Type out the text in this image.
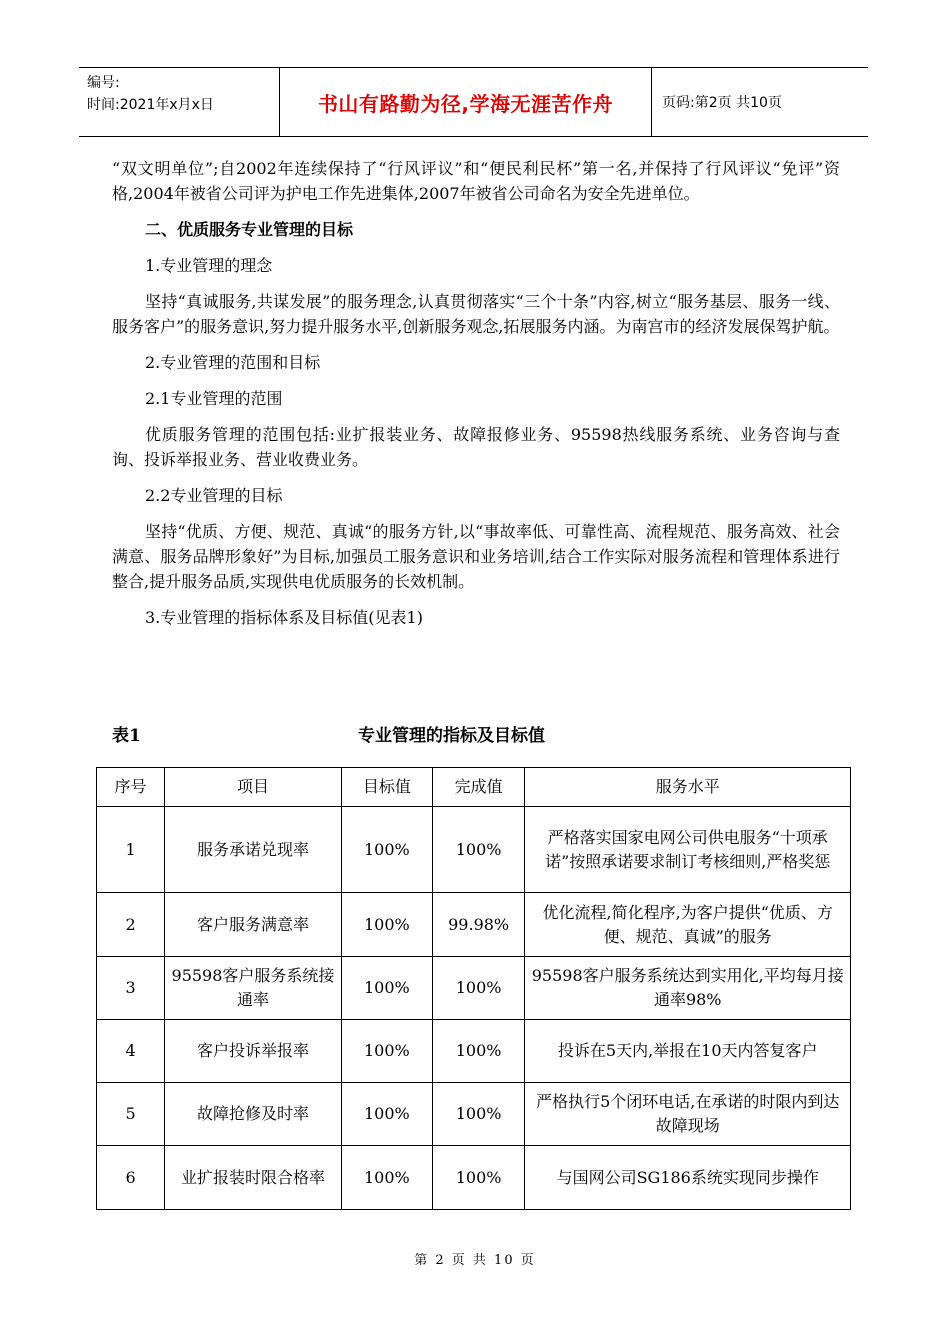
编号:
时间:2021年x月x日	书山有路勤为径,学海无涯苦作舟	页码:第2页 共10页

“双文明单位”;自2002年连续保持了“行风评议”和“便民利民杯”第一名,并保持了行风评议“免评”资格,2004年被省公司评为护电工作先进集体,2007年被省公司命名为安全先进单位。

二、优质服务专业管理的目标

1.专业管理的理念

坚持“真诚服务,共谋发展”的服务理念,认真贯彻落实“三个十条”内容,树立“服务基层、服务一线、服务客户”的服务意识,努力提升服务水平,创新服务观念,拓展服务内涵。为南宫市的经济发展保驾护航。

2.专业管理的范围和目标

2.1专业管理的范围

优质服务管理的范围包括:业扩报装业务、故障报修业务、95598热线服务系统、业务咨询与查询、投诉举报业务、营业收费业务。

2.2专业管理的目标

坚持“优质、方便、规范、真诚“的服务方针,以“事故率低、可靠性高、流程规范、服务高效、社会满意、服务品牌形象好”为目标,加强员工服务意识和业务培训,结合工作实际对服务流程和管理体系进行整合,提升服务品质,实现供电优质服务的长效机制。

3.专业管理的指标体系及目标值(见表1)

表1	专业管理的指标及目标值
序号	项目	目标值	完成值	服务水平
1	服务承诺兑现率	100%	100%	严格落实国家电网公司供电服务“十项承诺”按照承诺要求制订考核细则,严格奖惩
2	客户服务满意率	100%	99.98%	优化流程,简化程序,为客户提供“优质、方便、规范、真诚”的服务
3	95598客户服务系统接通率	100%	100%	95598客户服务系统达到实用化,平均每月接通率98%
4	客户投诉举报率	100%	100%	投诉在5天内,举报在10天内答复客户
5	故障抢修及时率	100%	100%	严格执行5个闭环电话,在承诺的时限内到达故障现场
6	业扩报装时限合格率	100%	100%	与国网公司SG186系统实现同步操作
第 2 页 共 10 页
